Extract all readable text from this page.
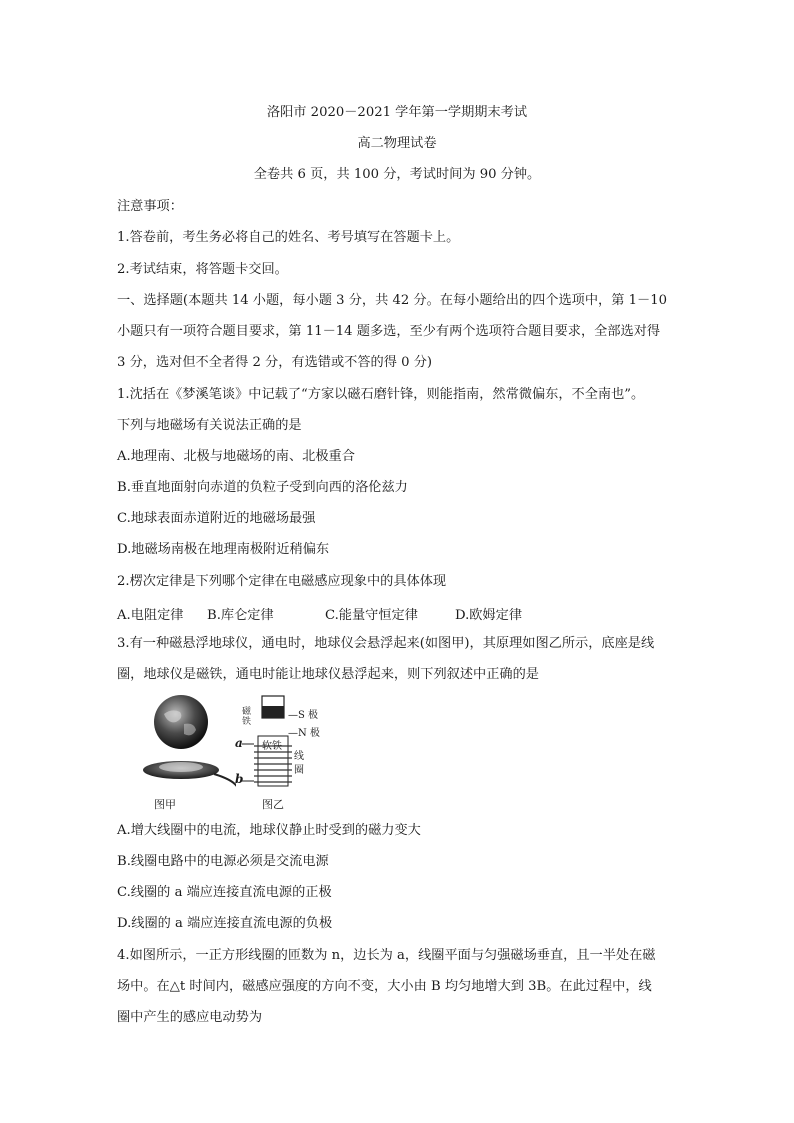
洛阳市 2020－2021 学年第一学期期末考试
高二物理试卷
全卷共 6 页，共 100 分，考试时间为 90 分钟。
注意事项：
1.答卷前，考生务必将自己的姓名、考号填写在答题卡上。
2.考试结束，将答题卡交回。
一、选择题(本题共 14 小题，每小题 3 分，共 42 分。在每小题给出的四个选项中，第 1－10
小题只有一项符合题目要求，第 11－14 题多选，至少有两个选项符合题目要求，全部选对得
3 分，选对但不全者得 2 分，有选错或不答的得 0 分)
1.沈括在《梦溪笔谈》中记载了“方家以磁石磨针锋，则能指南，然常微偏东，不全南也”。
下列与地磁场有关说法正确的是
A.地理南、北极与地磁场的南、北极重合
B.垂直地面射向赤道的负粒子受到向西的洛伦兹力
C.地球表面赤道附近的地磁场最强
D.地磁场南极在地理南极附近稍偏东
2.楞次定律是下列哪个定律在电磁感应现象中的具体体现
A.电阻定律 B.库仑定律	C.能量守恒定律	D.欧姆定律
3.有一种磁悬浮地球仪，通电时，地球仪会悬浮起来(如图甲)，其原理如图乙所示，底座是线
圈，地球仪是磁铁，通电时能让地球仪悬浮起来，则下列叙述中正确的是
图甲
磁铁
—S 极
—N 极
软铁
线
圈
a
b
图乙
A.增大线圈中的电流，地球仪静止时受到的磁力变大
B.线圈电路中的电源必须是交流电源
C.线圈的 a 端应连接直流电源的正极
D.线圈的 a 端应连接直流电源的负极
4.如图所示，一正方形线圈的匝数为 n，边长为 a，线圈平面与匀强磁场垂直，且一半处在磁
场中。在△t 时间内，磁感应强度的方向不变，大小由 B 均匀地增大到 3B。在此过程中，线
圈中产生的感应电动势为
